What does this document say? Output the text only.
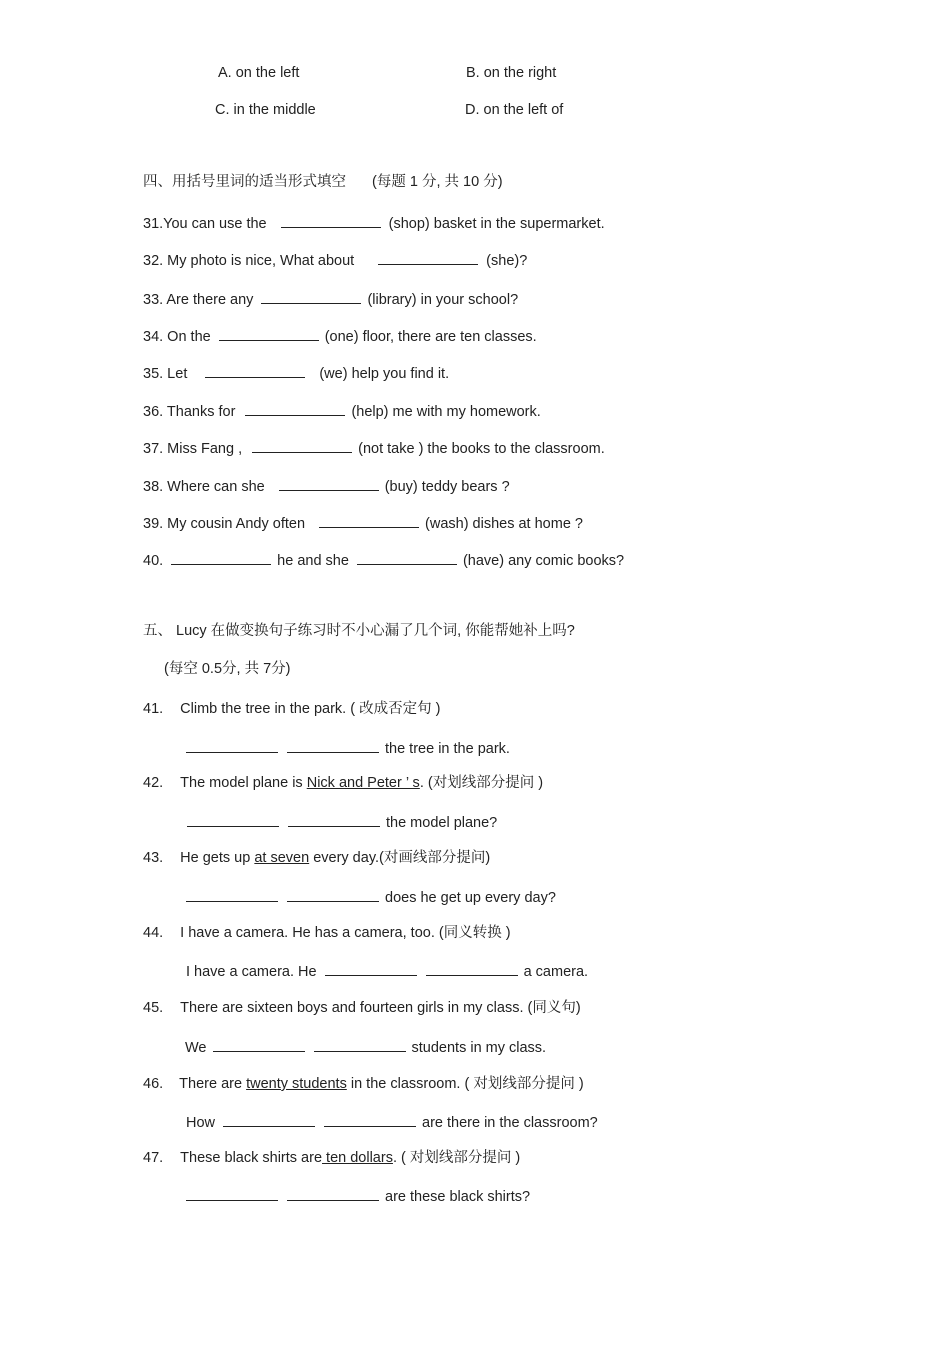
A. on the left	B. on the right
C. in the middle	D. on the left of
四、用括号里词的适当形式填空 (每题 1 分, 共 10 分)
31.You can use the	(shop) basket in the supermarket.
32. My photo is nice, What about	(she)?
33. Are there any	(library) in your school?
34. On the	(one) floor, there are ten classes.
35. Let	(we) help you find it.
36. Thanks for	(help) me with my homework.
37. Miss Fang ,	(not take ) the books to the classroom.
38. Where can she	(buy) teddy bears ?
39. My cousin Andy often	(wash) dishes at home ?
40.	he and she	(have) any comic books?
五、 Lucy 在做变换句子练习时不小心漏了几个词, 你能帮她补上吗?
(每空 0.5分, 共 7分)
41. Climb the tree in the park. ( 改成否定句 )
the tree in the park.
42. The model plane is Nick and Peter ’ s. (对划线部分提问 )
the model plane?
43. He gets up at seven every day.(对画线部分提问)
does he get up every day?
44. I have a camera. He has a camera, too. (同义转换 )
I have a camera. He	a camera.
45. There are sixteen boys and fourteen girls in my class. (同义句)
We	students in my class.
46. There are twenty students in the classroom. ( 对划线部分提问 )
How	are there in the classroom?
47. These black shirts are ten dollars. ( 对划线部分提问 )
are these black shirts?
